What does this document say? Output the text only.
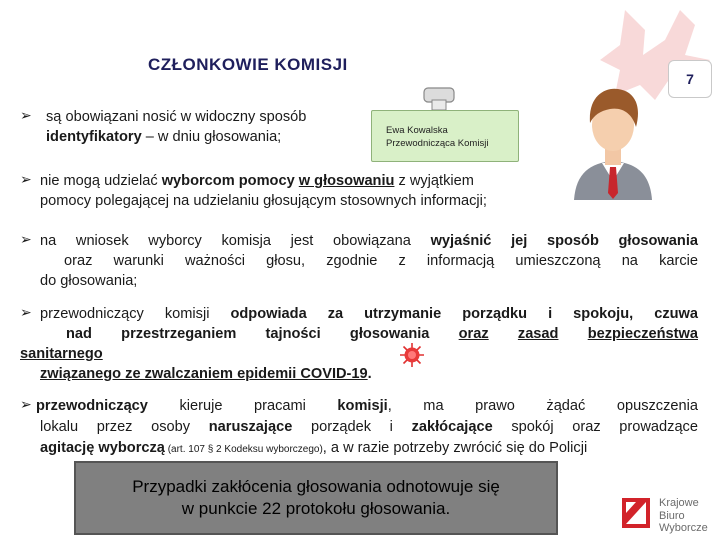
CZŁONKOWIE KOMISJI
7
➢ są obowiązani nosić w widoczny sposób
identyfikatory – w dniu głosowania;	Ewa Kowalska
Przewodnicząca Komisji
➢ nie mogą udzielać wyborcom pomocy w głosowaniu z wyjątkiem
pomocy polegającej na udzielaniu głosującym stosownych informacji;
➢ na wniosek wyborcy komisja jest obowiązana wyjaśnić jej sposób głosowania
oraz warunki ważności głosu, zgodnie z informacją umieszczoną na karcie
do głosowania;
➢ przewodniczący komisji odpowiada za utrzymanie porządku i spokoju, czuwa
nad przestrzeganiem tajności głosowania oraz zasad bezpieczeństwa
sanitarnego
związanego ze zwalczaniem epidemii COVID-19.
➢ przewodniczący kieruje pracami komisji, ma prawo żądać opuszczenia
lokalu przez osoby naruszające porządek i zakłócające spokój oraz prowadzące
agitację wyborczą (art. 107 § 2 Kodeksu wyborczego), a w razie potrzeby zwrócić się do Policji
Przypadki zakłócenia głosowania odnotowuje się
w punkcie 22 protokołu głosowania.	Krajowe
Biuro
Wyborcze
